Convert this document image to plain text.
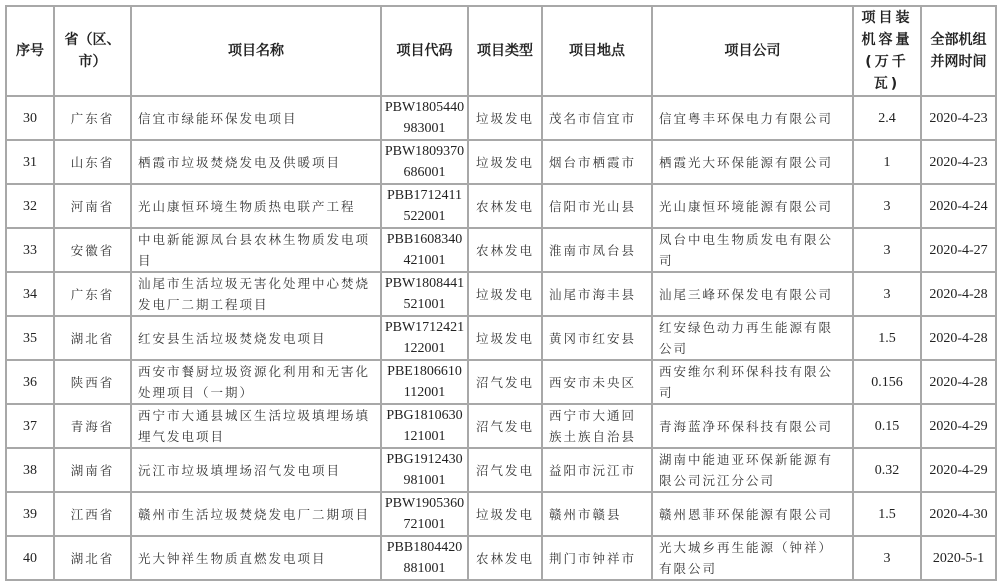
序号	省（区、市）	项目名称	项目代码	项目类型	项目地点	项目公司	项目装机容量(万千瓦)	全部机组并网时间
30	广东省	信宜市绿能环保发电项目	PBW1805440983001	垃圾发电	茂名市信宜市	信宜粤丰环保电力有限公司	2.4	2020-4-23
31	山东省	栖霞市垃圾焚烧发电及供暖项目	PBW1809370686001	垃圾发电	烟台市栖霞市	栖霞光大环保能源有限公司	1	2020-4-23
32	河南省	光山康恒环境生物质热电联产工程	PBB1712411522001	农林发电	信阳市光山县	光山康恒环境能源有限公司	3	2020-4-24
33	安徽省	中电新能源凤台县农林生物质发电项目	PBB1608340421001	农林发电	淮南市凤台县	凤台中电生物质发电有限公司	3	2020-4-27
34	广东省	汕尾市生活垃圾无害化处理中心焚烧发电厂二期工程项目	PBW1808441521001	垃圾发电	汕尾市海丰县	汕尾三峰环保发电有限公司	3	2020-4-28
35	湖北省	红安县生活垃圾焚烧发电项目	PBW1712421122001	垃圾发电	黄冈市红安县	红安绿色动力再生能源有限公司	1.5	2020-4-28
36	陕西省	西安市餐厨垃圾资源化利用和无害化处理项目（一期）	PBE1806610112001	沼气发电	西安市未央区	西安维尔利环保科技有限公司	0.156	2020-4-28
37	青海省	西宁市大通县城区生活垃圾填埋场填埋气发电项目	PBG1810630121001	沼气发电	西宁市大通回族土族自治县	青海蓝净环保科技有限公司	0.15	2020-4-29
38	湖南省	沅江市垃圾填埋场沼气发电项目	PBG1912430981001	沼气发电	益阳市沅江市	湖南中能迪亚环保新能源有限公司沅江分公司	0.32	2020-4-29
39	江西省	赣州市生活垃圾焚烧发电厂二期项目	PBW1905360721001	垃圾发电	赣州市赣县	赣州恩菲环保能源有限公司	1.5	2020-4-30
40	湖北省	光大钟祥生物质直燃发电项目	PBB1804420881001	农林发电	荆门市钟祥市	光大城乡再生能源（钟祥）有限公司	3	2020-5-1
